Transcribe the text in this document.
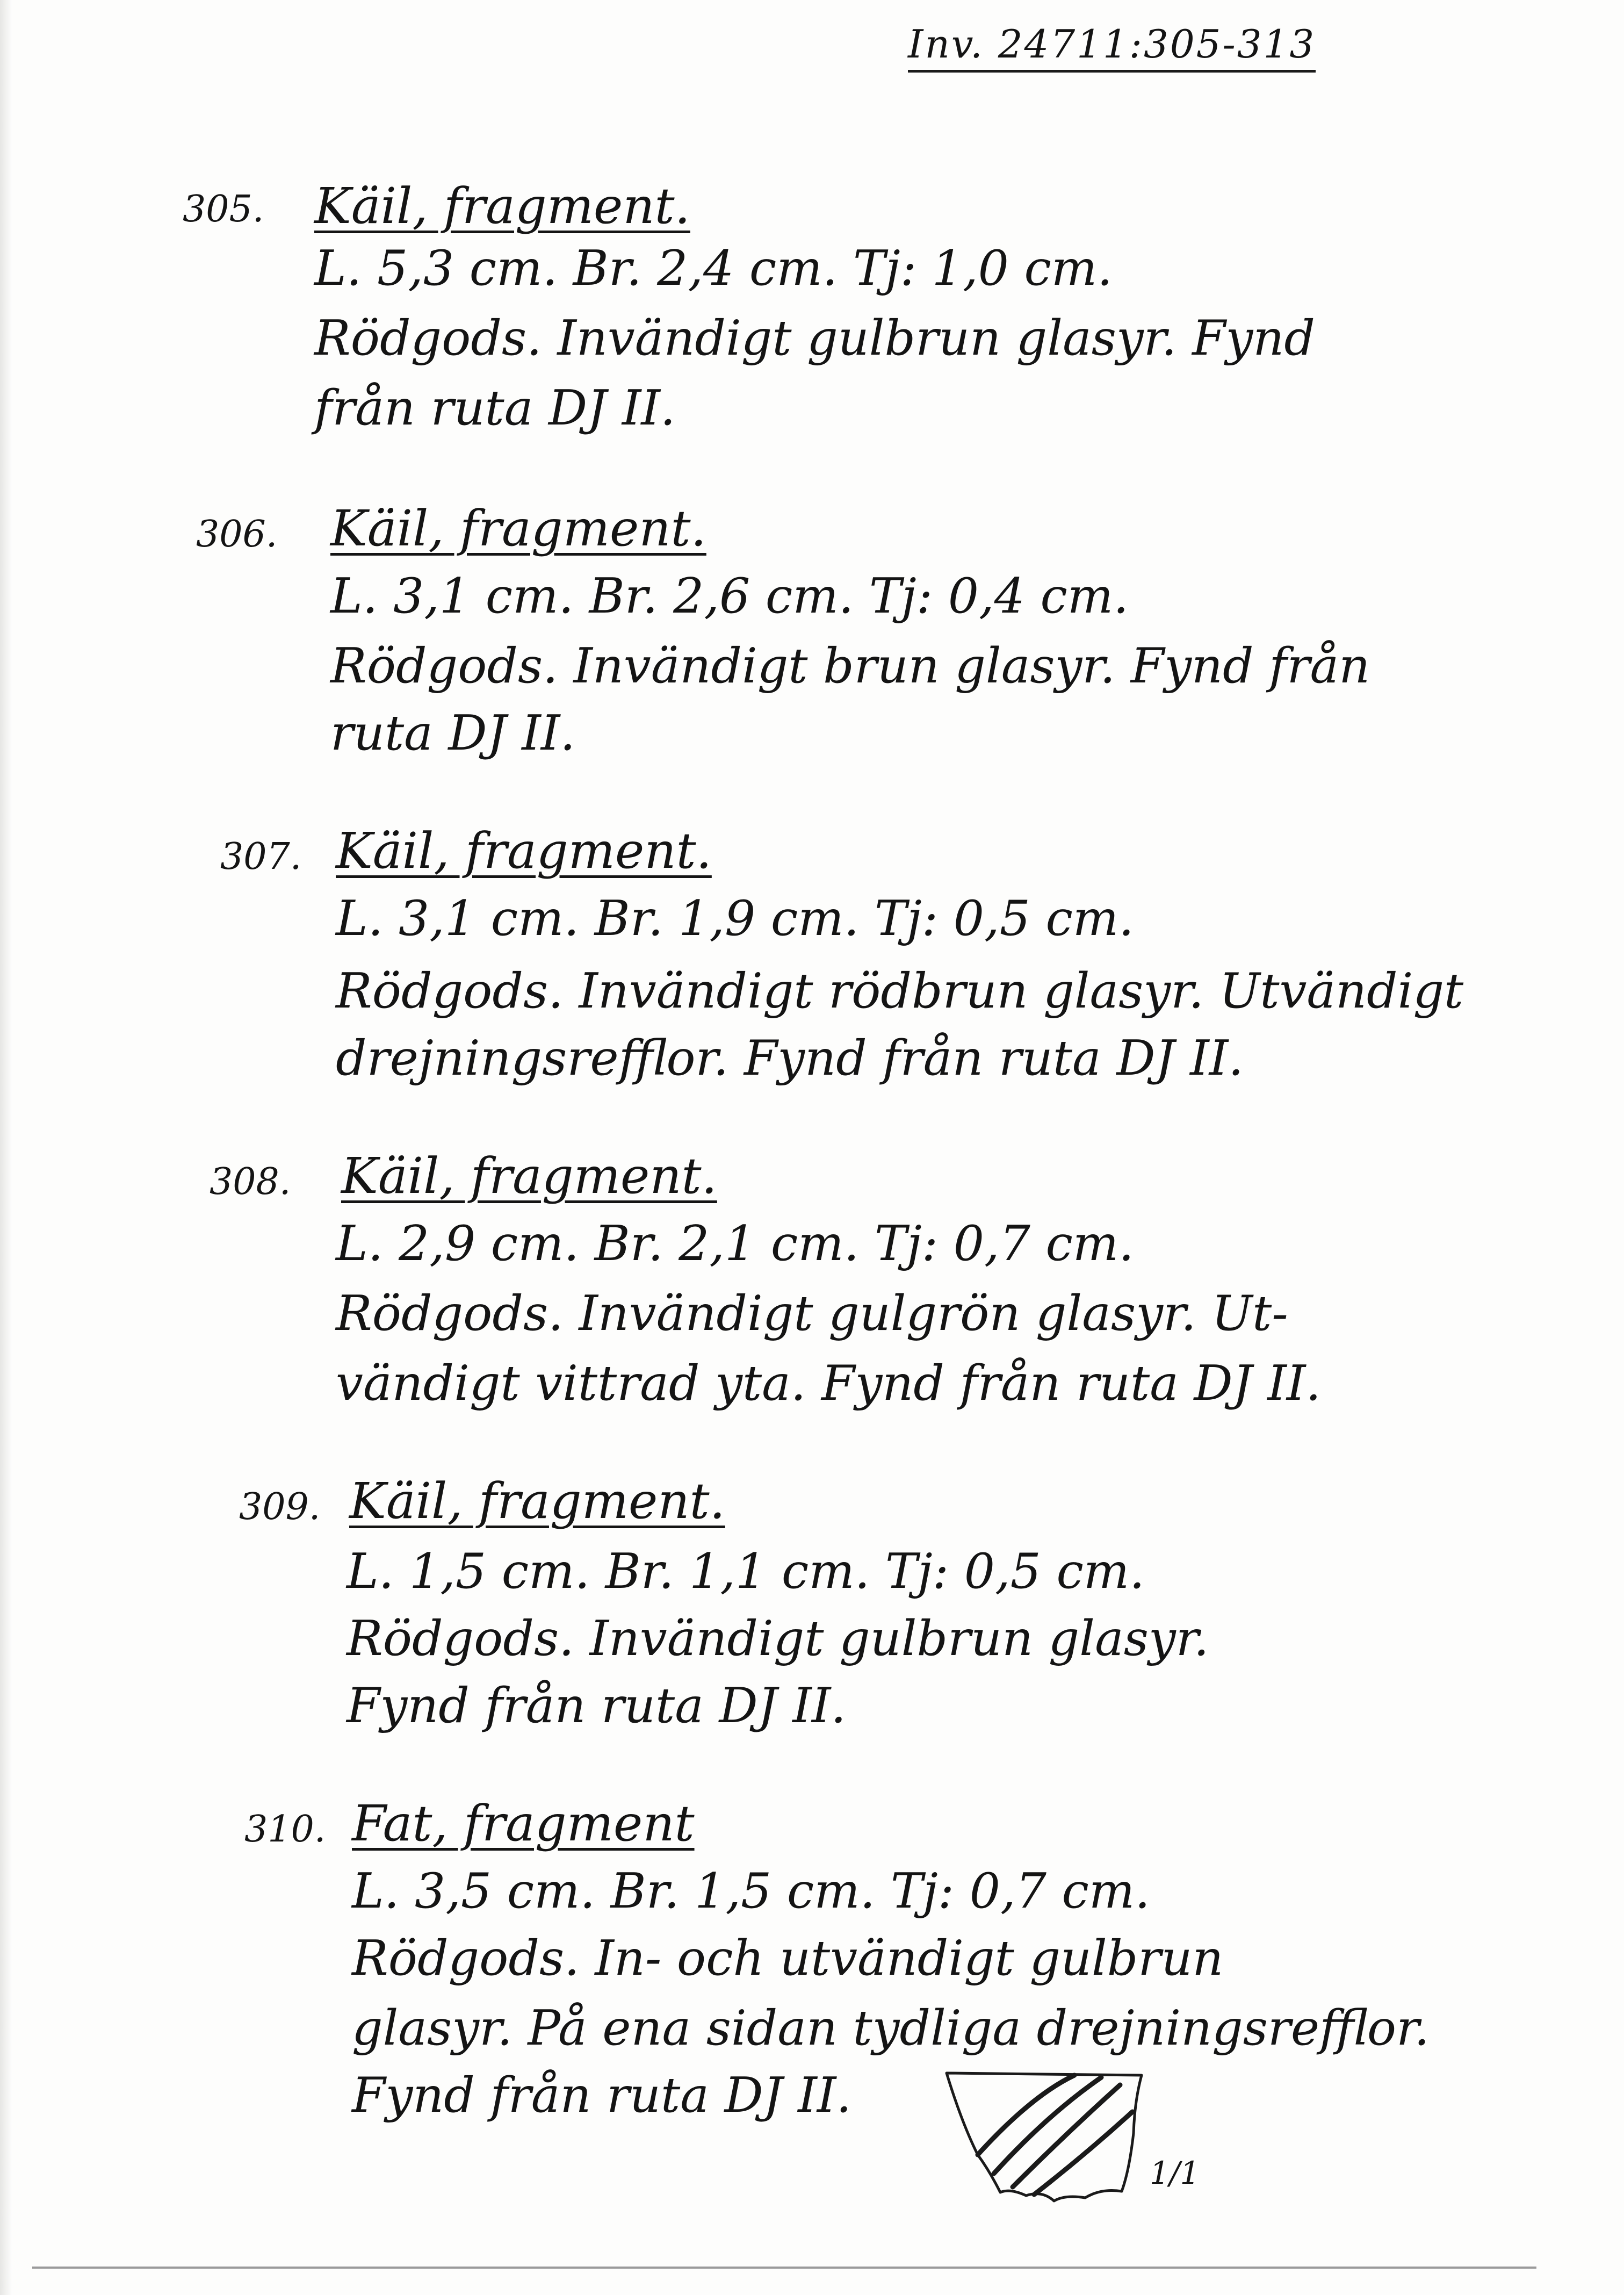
Inv. 24711:305-313
305. Käil, fragment.
L. 5,3 cm. Br. 2,4 cm. Tj: 1,0 cm.
Rödgods. Invändigt gulbrun glasyr. Fynd
från ruta DJ II.
306. Käil, fragment.
L. 3,1 cm. Br. 2,6 cm. Tj: 0,4 cm.
Rödgods. Invändigt brun glasyr. Fynd från
ruta DJ II.
307. Käil, fragment.
L. 3,1 cm. Br. 1,9 cm. Tj: 0,5 cm.
Rödgods. Invändigt rödbrun glasyr. Utvändigt
drejningsrefflor. Fynd från ruta DJ II.
308. Käil, fragment.
L. 2,9 cm. Br. 2,1 cm. Tj: 0,7 cm.
Rödgods. Invändigt gulgrön glasyr. Ut-
vändigt vittrad yta. Fynd från ruta DJ II.
309. Käil, fragment.
L. 1,5 cm. Br. 1,1 cm. Tj: 0,5 cm.
Rödgods. Invändigt gulbrun glasyr.
Fynd från ruta DJ II.
310. Fat, fragment
L. 3,5 cm. Br. 1,5 cm. Tj: 0,7 cm.
Rödgods. In- och utvändigt gulbrun
glasyr. På ena sidan tydliga drejningsrefflor.
Fynd från ruta DJ II.
1/1
